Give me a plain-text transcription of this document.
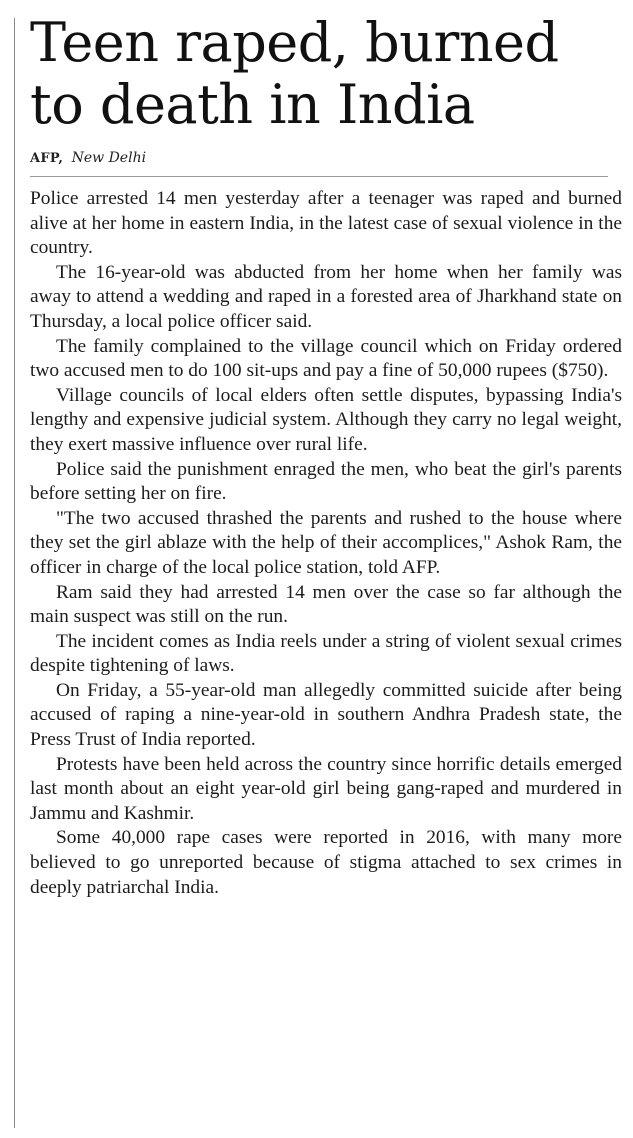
Teen raped, burned to death in India
AFP, New Delhi

Police arrested 14 men yesterday after a teenager was raped and burned alive at her home in eastern India, in the latest case of sexual violence in the country.

The 16-year-old was abducted from her home when her family was away to attend a wedding and raped in a forested area of Jharkhand state on Thursday, a local police officer said.

The family complained to the village council which on Friday ordered two accused men to do 100 sit-ups and pay a fine of 50,000 rupees ($750).

Village councils of local elders often settle disputes, bypassing India's lengthy and expensive judicial system. Although they carry no legal weight, they exert massive influence over rural life.

Police said the punishment enraged the men, who beat the girl's parents before setting her on fire.

"The two accused thrashed the parents and rushed to the house where they set the girl ablaze with the help of their accomplices," Ashok Ram, the officer in charge of the local police station, told AFP.

Ram said they had arrested 14 men over the case so far although the main suspect was still on the run.

The incident comes as India reels under a string of violent sexual crimes despite tightening of laws.

On Friday, a 55-year-old man allegedly committed suicide after being accused of raping a nine-year-old in southern Andhra Pradesh state, the Press Trust of India reported.

Protests have been held across the country since horrific details emerged last month about an eight year-old girl being gang-raped and murdered in Jammu and Kashmir.

Some 40,000 rape cases were reported in 2016, with many more believed to go unreported because of stigma attached to sex crimes in deeply patriarchal India.
